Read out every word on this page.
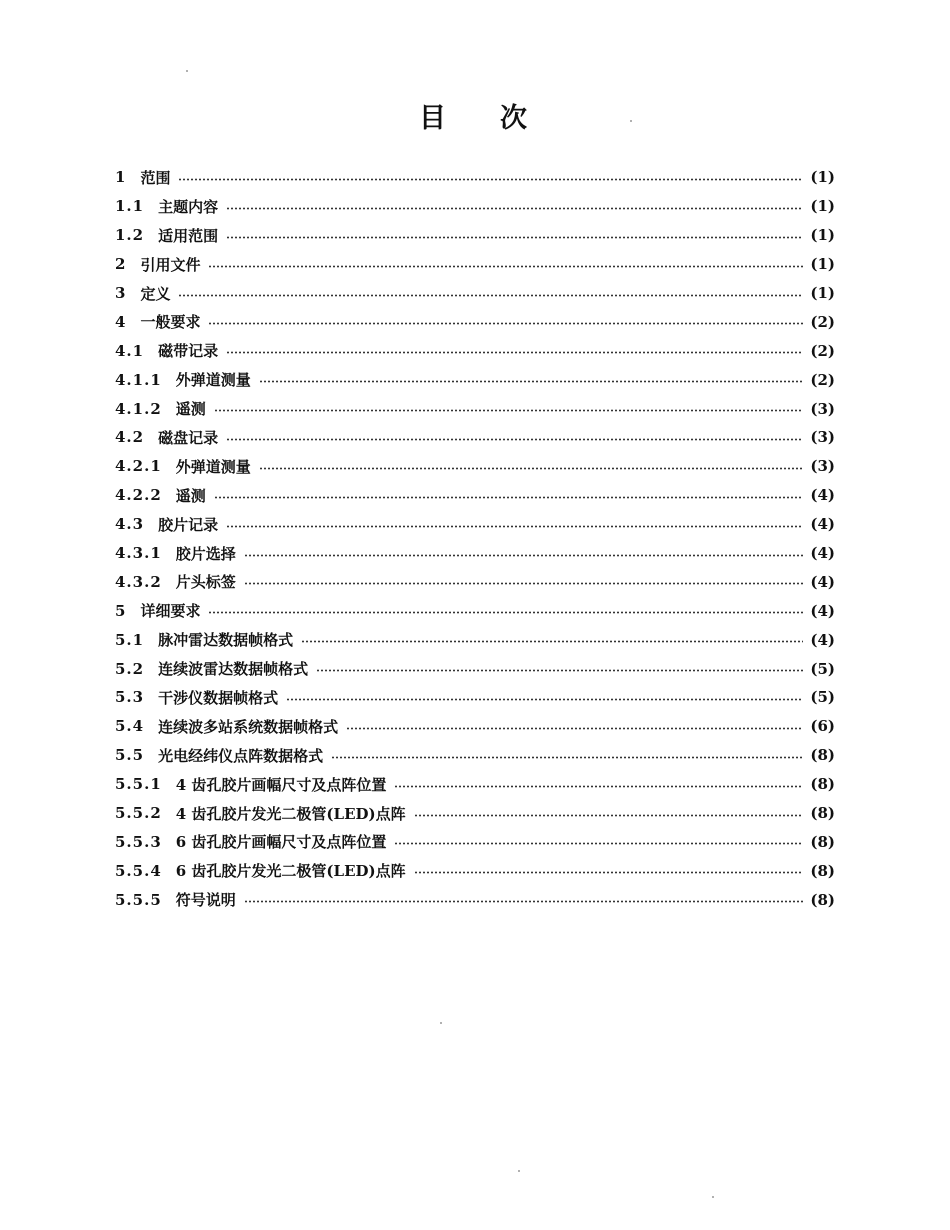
目 次
1 范围	(1)
1.1 主题内容	(1)
1.2 适用范围	(1)
2 引用文件	(1)
3 定义	(1)
4 一般要求	(2)
4.1 磁带记录	(2)
4.1.1 外弹道测量	(2)
4.1.2 遥测	(3)
4.2 磁盘记录	(3)
4.2.1 外弹道测量	(3)
4.2.2 遥测	(4)
4.3 胶片记录	(4)
4.3.1 胶片选择	(4)
4.3.2 片头标签	(4)
5 详细要求	(4)
5.1 脉冲雷达数据帧格式	(4)
5.2 连续波雷达数据帧格式	(5)
5.3 干涉仪数据帧格式	(5)
5.4 连续波多站系统数据帧格式	(6)
5.5 光电经纬仪点阵数据格式	(8)
5.5.1 4 齿孔胶片画幅尺寸及点阵位置	(8)
5.5.2 4 齿孔胶片发光二极管(LED)点阵	(8)
5.5.3 6 齿孔胶片画幅尺寸及点阵位置	(8)
5.5.4 6 齿孔胶片发光二极管(LED)点阵	(8)
5.5.5 符号说明	(8)
